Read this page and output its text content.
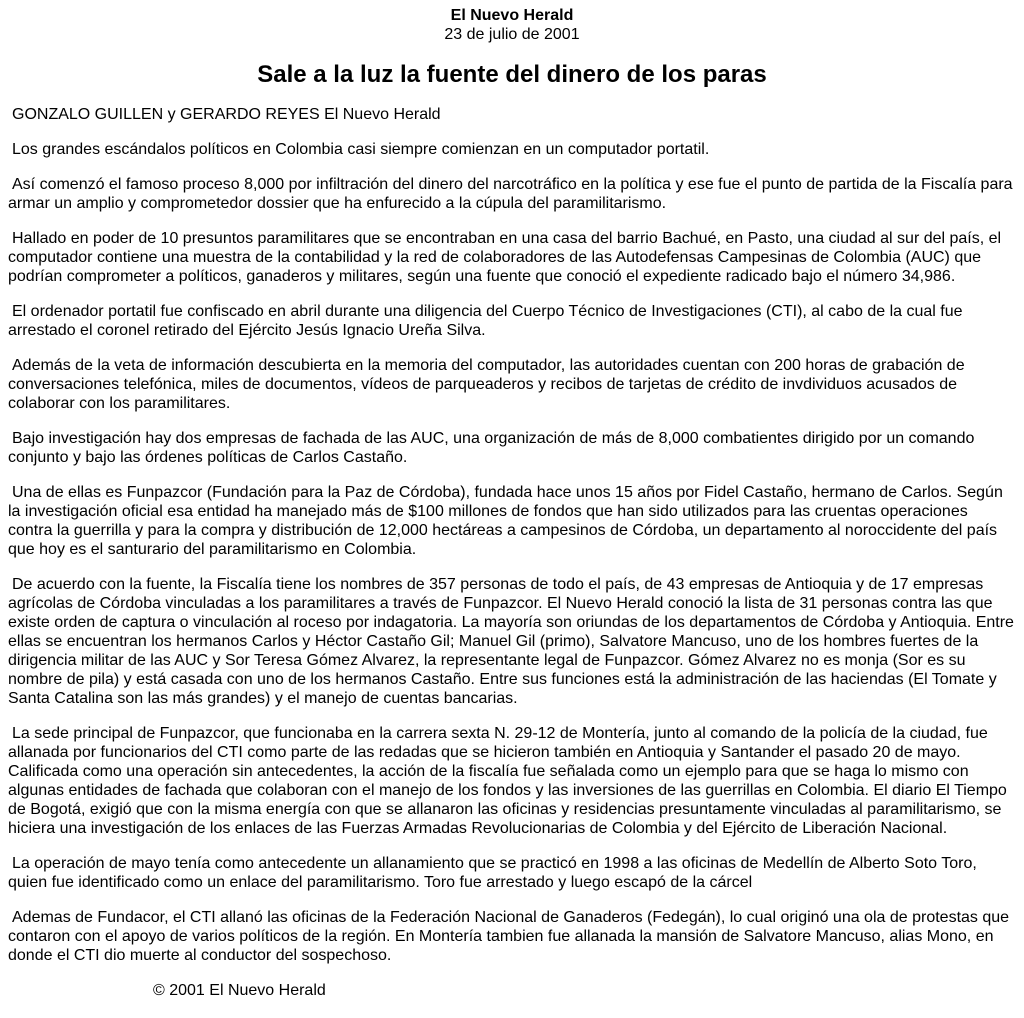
El Nuevo Herald
23 de julio de 2001
Sale a la luz la fuente del dinero de los paras

GONZALO GUILLEN y GERARDO REYES El Nuevo Herald

Los grandes escándalos políticos en Colombia casi siempre comienzan en un computador portatil.

Así comenzó el famoso proceso 8,000 por infiltración del dinero del narcotráfico en la política y ese fue el punto de partida de la Fiscalía para armar un amplio y comprometedor dossier que ha enfurecido a la cúpula del paramilitarismo.

Hallado en poder de 10 presuntos paramilitares que se encontraban en una casa del barrio Bachué, en Pasto, una ciudad al sur del país, el computador contiene una muestra de la contabilidad y la red de colaboradores de las Autodefensas Campesinas de Colombia (AUC) que podrían comprometer a políticos, ganaderos y militares, según una fuente que conoció el expediente radicado bajo el número 34,986.

El ordenador portatil fue confiscado en abril durante una diligencia del Cuerpo Técnico de Investigaciones (CTI), al cabo de la cual fue arrestado el coronel retirado del Ejército Jesús Ignacio Ureña Silva.

Además de la veta de información descubierta en la memoria del computador, las autoridades cuentan con 200 horas de grabación de conversaciones telefónica, miles de documentos, vídeos de parqueaderos y recibos de tarjetas de crédito de invdividuos acusados de colaborar con los paramilitares.

Bajo investigación hay dos empresas de fachada de las AUC, una organización de más de 8,000 combatientes dirigido por un comando conjunto y bajo las órdenes políticas de Carlos Castaño.

Una de ellas es Funpazcor (Fundación para la Paz de Córdoba), fundada hace unos 15 años por Fidel Castaño, hermano de Carlos. Según la investigación oficial esa entidad ha manejado más de $100 millones de fondos que han sido utilizados para las cruentas operaciones contra la guerrilla y para la compra y distribución de 12,000 hectáreas a campesinos de Córdoba, un departamento al noroccidente del país que hoy es el santurario del paramilitarismo en Colombia.

De acuerdo con la fuente, la Fiscalía tiene los nombres de 357 personas de todo el país, de 43 empresas de Antioquia y de 17 empresas agrícolas de Córdoba vinculadas a los paramilitares a través de Funpazcor. El Nuevo Herald conoció la lista de 31 personas contra las que existe orden de captura o vinculación al roceso por indagatoria. La mayoría son oriundas de los departamentos de Córdoba y Antioquia. Entre ellas se encuentran los hermanos Carlos y Héctor Castaño Gil; Manuel Gil (primo), Salvatore Mancuso, uno de los hombres fuertes de la dirigencia militar de las AUC y Sor Teresa Gómez Alvarez, la representante legal de Funpazcor. Gómez Alvarez no es monja (Sor es su nombre de pila) y está casada con uno de los hermanos Castaño. Entre sus funciones está la administración de las haciendas (El Tomate y Santa Catalina son las más grandes) y el manejo de cuentas bancarias.

La sede principal de Funpazcor, que funcionaba en la carrera sexta N. 29-12 de Montería, junto al comando de la policía de la ciudad, fue allanada por funcionarios del CTI como parte de las redadas que se hicieron también en Antioquia y Santander el pasado 20 de mayo. Calificada como una operación sin antecedentes, la acción de la fiscalía fue señalada como un ejemplo para que se haga lo mismo con algunas entidades de fachada que colaboran con el manejo de los fondos y las inversiones de las guerrillas en Colombia. El diario El Tiempo de Bogotá, exigió que con la misma energía con que se allanaron las oficinas y residencias presuntamente vinculadas al paramilitarismo, se hiciera una investigación de los enlaces de las Fuerzas Armadas Revolucionarias de Colombia y del Ejército de Liberación Nacional.

La operación de mayo tenía como antecedente un allanamiento que se practicó en 1998 a las oficinas de Medellín de Alberto Soto Toro, quien fue identificado como un enlace del paramilitarismo. Toro fue arrestado y luego escapó de la cárcel

Ademas de Fundacor, el CTI allanó las oficinas de la Federación Nacional de Ganaderos (Fedegán), lo cual originó una ola de protestas que contaron con el apoyo de varios políticos de la región. En Montería tambien fue allanada la mansión de Salvatore Mancuso, alias Mono, en donde el CTI dio muerte al conductor del sospechoso.

© 2001 El Nuevo Herald
